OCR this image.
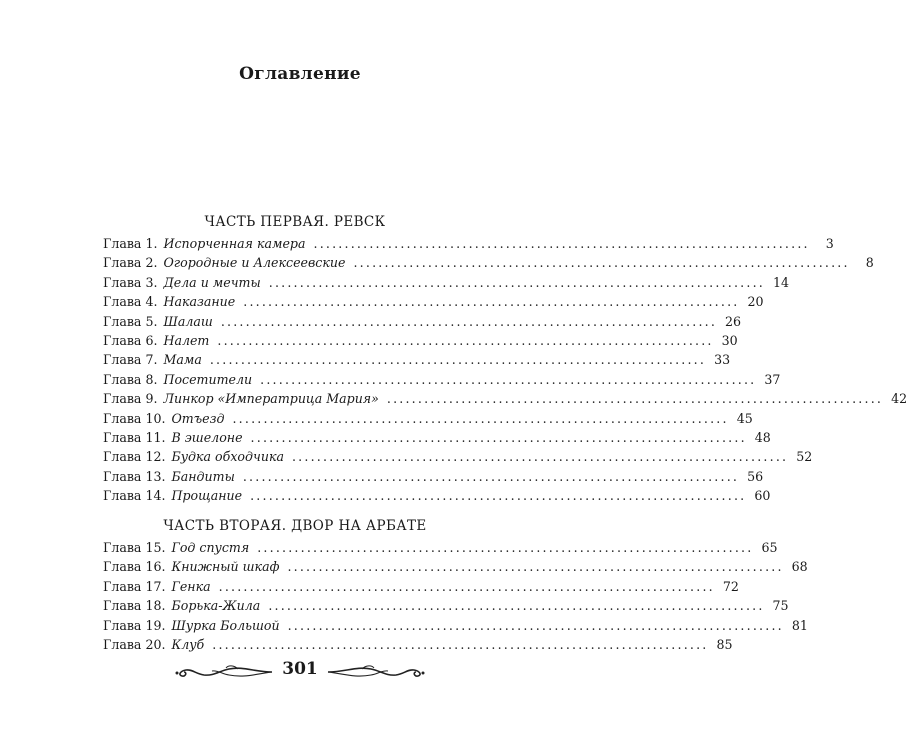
Оглавление
ЧАСТЬ ПЕРВАЯ. РЕВСК
Глава 1. Испорченная камера ................................................................................	3
Глава 2. Огородные и Алексеевские ................................................................................	8
Глава 3. Дела и мечты ................................................................................ 14
Глава 4. Наказание ................................................................................ 20
Глава 5. Шалаш ................................................................................ 26
Глава 6. Налет ................................................................................ 30
Глава 7. Мама ................................................................................ 33
Глава 8. Посетители ................................................................................ 37
Глава 9. Линкор «Императрица Мария» ................................................................................ 42
Глава 10. Отъезд ................................................................................ 45
Глава 11. В эшелоне ................................................................................ 48
Глава 12. Будка обходчика ................................................................................ 52
Глава 13. Бандиты ................................................................................ 56
Глава 14. Прощание ................................................................................ 60
ЧАСТЬ ВТОРАЯ. ДВОР НА АРБАТЕ
Глава 15. Год спустя ................................................................................ 65
Глава 16. Книжный шкаф ................................................................................ 68
Глава 17. Генка ................................................................................ 72
Глава 18. Борька-Жила ................................................................................ 75
Глава 19. Шурка Большой ................................................................................ 81
Глава 20. Клуб ................................................................................ 85
301
